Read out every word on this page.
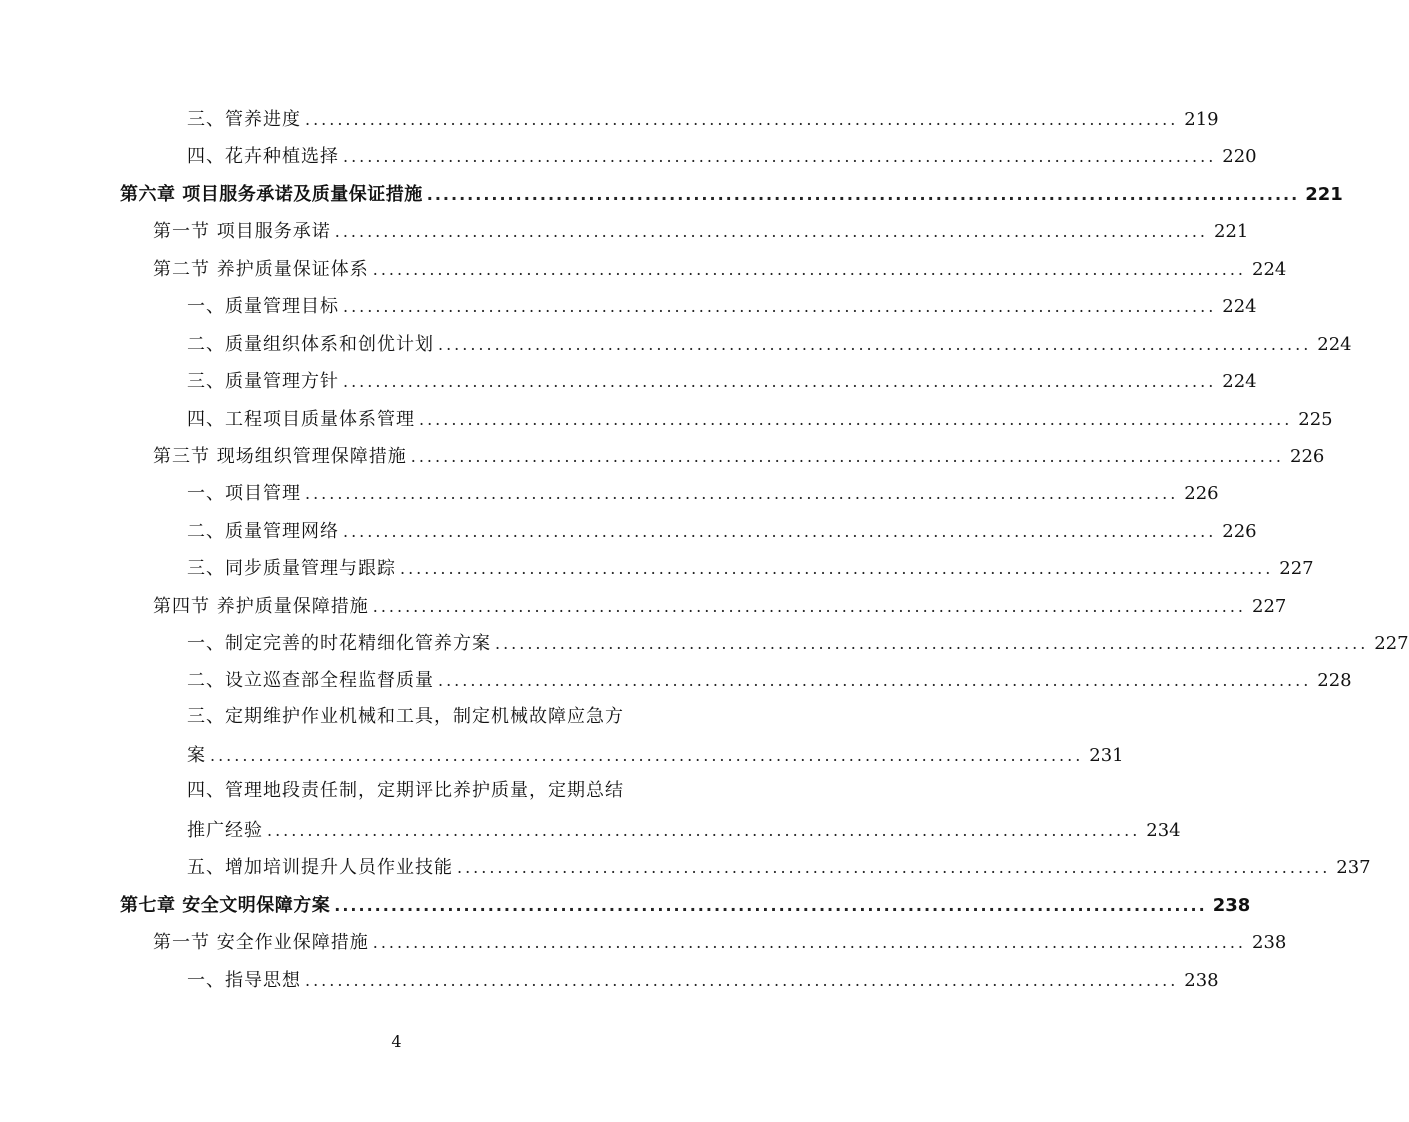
三、管养进度 ............................................................................................................ 219
四、花卉种植选择 ............................................................................................................ 220
第六章 项目服务承诺及质量保证措施 ............................................................................................................ 221
第一节 项目服务承诺 ............................................................................................................ 221
第二节 养护质量保证体系 ............................................................................................................ 224
一、质量管理目标 ............................................................................................................ 224
二、质量组织体系和创优计划 ............................................................................................................ 224
三、质量管理方针 ............................................................................................................ 224
四、工程项目质量体系管理 ............................................................................................................ 225
第三节 现场组织管理保障措施 ............................................................................................................ 226
一、项目管理 ............................................................................................................ 226
二、质量管理网络 ............................................................................................................ 226
三、同步质量管理与跟踪 ............................................................................................................ 227
第四节 养护质量保障措施 ............................................................................................................ 227
一、制定完善的时花精细化管养方案 ............................................................................................................ 227
二、设立巡查部全程监督质量 ............................................................................................................ 228
三、定期维护作业机械和工具，制定机械故障应急方
案 ............................................................................................................ 231
四、管理地段责任制，定期评比养护质量，定期总结
推广经验 ............................................................................................................ 234
五、增加培训提升人员作业技能 ............................................................................................................ 237
第七章 安全文明保障方案 ............................................................................................................ 238
第一节 安全作业保障措施 ............................................................................................................ 238
一、指导思想 ............................................................................................................ 238
4
